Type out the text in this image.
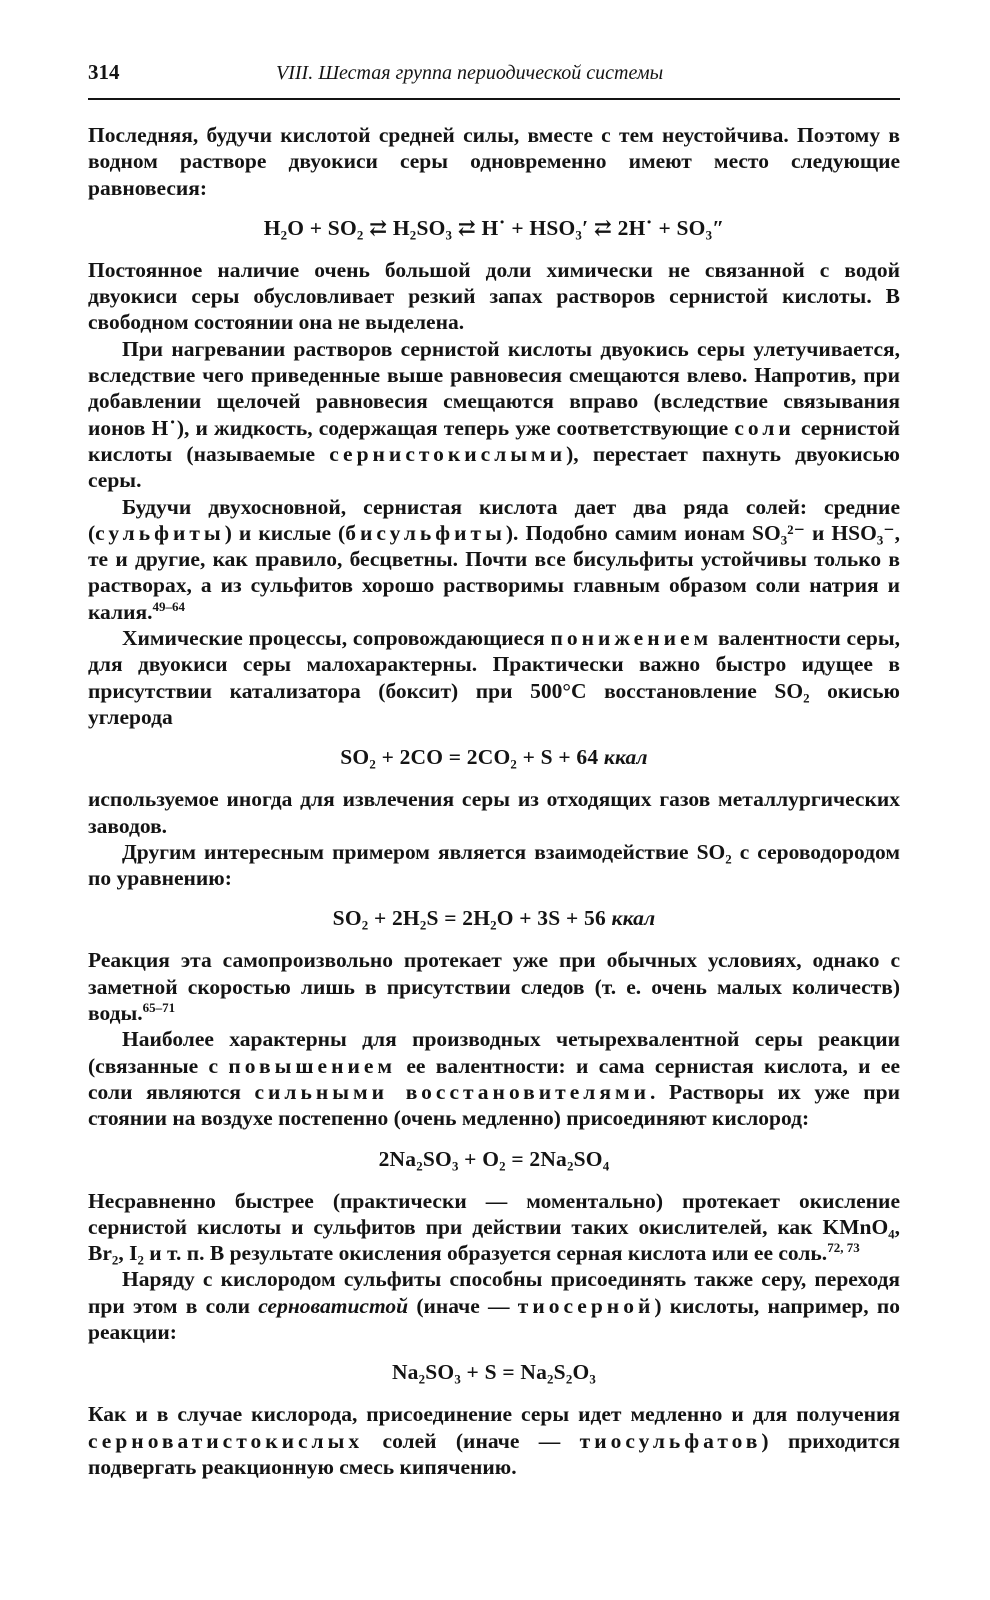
314	VIII. Шестая группа периодической системы

Последняя, будучи кислотой средней силы, вместе с тем неустойчива. Поэтому в водном растворе двуокиси серы одновременно имеют место следующие равновесия:

H₂O + SO₂ ⇄ H₂SO₃ ⇄ H˙ + HSO₃′ ⇄ 2H˙ + SO₃″

Постоянное наличие очень большой доли химически не связанной с водой двуокиси серы обусловливает резкий запах растворов сернистой кислоты. В свободном состоянии она не выделена.

При нагревании растворов сернистой кислоты двуокись серы улетучивается, вследствие чего приведенные выше равновесия смещаются влево. Напротив, при добавлении щелочей равновесия смещаются вправо (вследствие связывания ионов H˙), и жидкость, содержащая теперь уже соответствующие соли сернистой кислоты (называемые сернистокислыми), перестает пахнуть двуокисью серы.

Будучи двухосновной, сернистая кислота дает два ряда солей: средние (сульфиты) и кислые (бисульфиты). Подобно самим ионам SO₃²⁻ и HSO₃⁻, те и другие, как правило, бесцветны. Почти все бисульфиты устойчивы только в растворах, а из сульфитов хорошо растворимы главным образом соли натрия и калия.$^{49-64}$

Химические процессы, сопровождающиеся понижением валентности серы, для двуокиси серы малохарактерны. Практически важно быстро идущее в присутствии катализатора (боксит) при 500°С восстановление SO₂ окисью углерода

SO₂ + 2CO = 2CO₂ + S + 64 ккал

используемое иногда для извлечения серы из отходящих газов металлургических заводов.

Другим интересным примером является взаимодействие SO₂ с сероводородом по уравнению:

SO₂ + 2H₂S = 2H₂O + 3S + 56 ккал

Реакция эта самопроизвольно протекает уже при обычных условиях, однако с заметной скоростью лишь в присутствии следов (т. е. очень малых количеств) воды.$^{65-71}$

Наиболее характерны для производных четырехвалентной серы реакции (связанные с повышением ее валентности: и сама сернистая кислота, и ее соли являются сильными восстановителями. Растворы их уже при стоянии на воздухе постепенно (очень медленно) присоединяют кислород:

2Na₂SO₃ + O₂ = 2Na₂SO₄

Несравненно быстрее (практически — моментально) протекает окисление сернистой кислоты и сульфитов при действии таких окислителей, как KMnO₄, Br₂, I₂ и т. п. В результате окисления образуется серная кислота или ее соль.$^{72, 73}$

Наряду с кислородом сульфиты способны присоединять также серу, переходя при этом в соли серноватистой (иначе — тиосерной) кислоты, например, по реакции:

Na₂SO₃ + S = Na₂S₂O₃

Как и в случае кислорода, присоединение серы идет медленно и для получения серноватистокислых солей (иначе — тиосульфатов) приходится подвергать реакционную смесь кипячению.
